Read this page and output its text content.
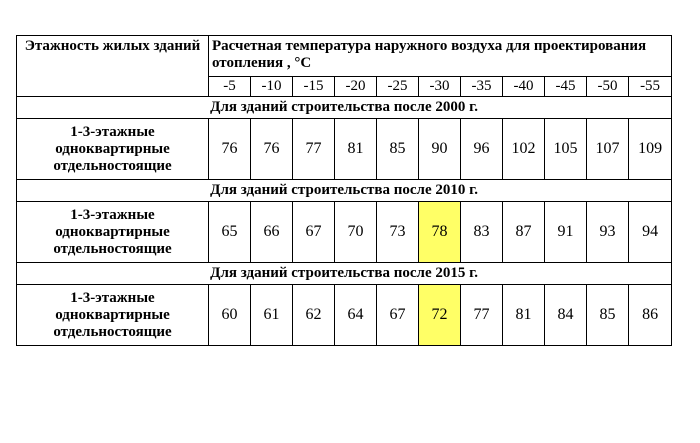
Этажность жилых зданий	Расчетная температура наружного воздуха для проектирования отопления , °С										
	-5	-10	-15	-20	-25	-30	-35	-40	-45	-50	-55
Для зданий строительства после 2000 г.											
1-3-этажные одноквартирные отдельностоящие	76	76	77	81	85	90	96	102	105	107	109
Для зданий строительства после 2010 г.											
1-3-этажные одноквартирные отдельностоящие	65	66	67	70	73	78	83	87	91	93	94
Для зданий строительства после 2015 г.											
1-3-этажные одноквартирные отдельностоящие	60	61	62	64	67	72	77	81	84	85	86
